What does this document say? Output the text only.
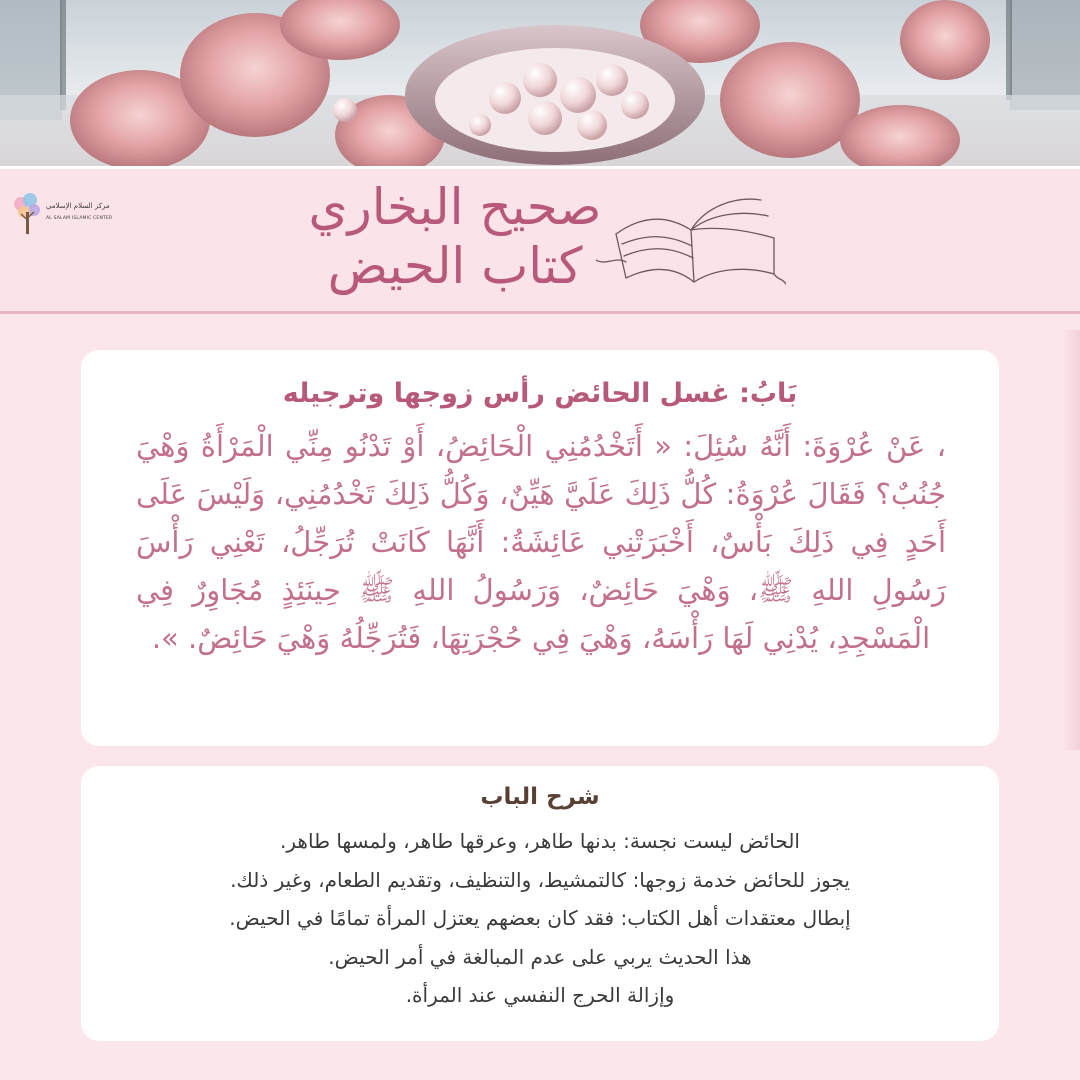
مركز السلام الإسلامي
AL SALAM ISLAMIC CENTER	صحيح البخاري
كتاب الحيض
بَابُ: غسل الحائض رأس زوجها وترجيله
، عَنْ عُرْوَةَ: أَنَّهُ سُئِلَ: « أَتَخْدُمُنِي الْحَائِضُ، أَوْ تَدْنُو مِنِّي الْمَرْأَةُ وَهْيَ جُنُبٌ؟ فَقَالَ عُرْوَةُ: كُلُّ ذَلِكَ عَلَيَّ هَيِّنٌ، وَكُلُّ ذَلِكَ تَخْدُمُنِي، وَلَيْسَ عَلَى أَحَدٍ فِي ذَلِكَ بَأْسٌ، أَخْبَرَتْنِي عَائِشَةُ: أَنَّهَا كَانَتْ تُرَجِّلُ، تَعْنِي رَأْسَ رَسُولِ اللهِ ﷺ، وَهْيَ حَائِضٌ، وَرَسُولُ اللهِ ﷺ حِينَئِذٍ مُجَاوِرٌ فِي الْمَسْجِدِ، يُدْنِي لَهَا رَأْسَهُ، وَهْيَ فِي حُجْرَتِهَا، فَتُرَجِّلُهُ وَهْيَ حَائِضٌ. ».
شرح الباب
الحائض ليست نجسة: بدنها طاهر، وعرقها طاهر، ولمسها طاهر.
يجوز للحائض خدمة زوجها: كالتمشيط، والتنظيف، وتقديم الطعام، وغير ذلك.
إبطال معتقدات أهل الكتاب: فقد كان بعضهم يعتزل المرأة تمامًا في الحيض.
هذا الحديث يربي على عدم المبالغة في أمر الحيض.
وإزالة الحرج النفسي عند المرأة.
